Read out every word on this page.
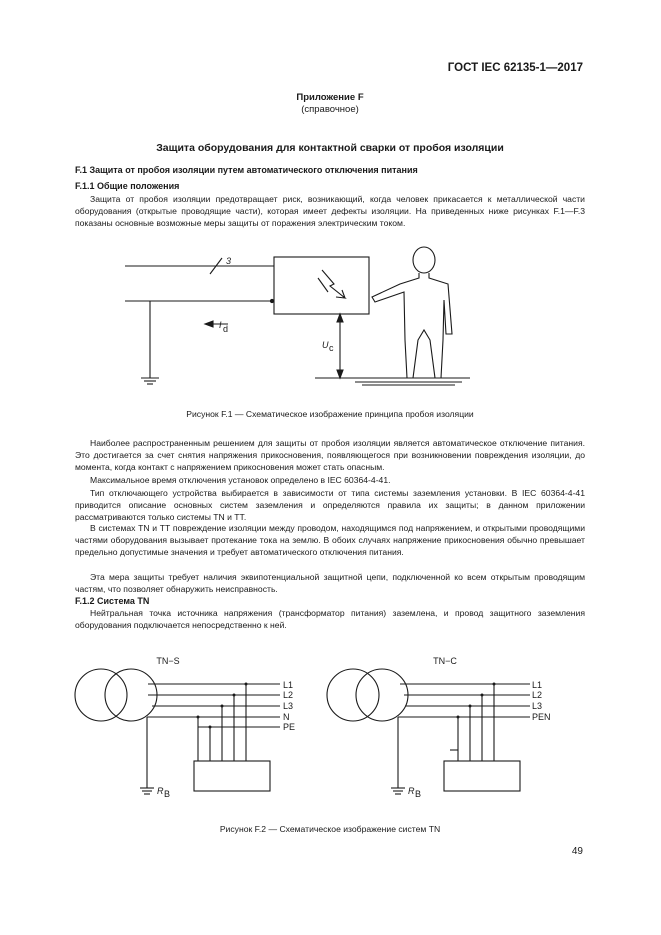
ГОСТ IEC 62135-1—2017
Приложение F
(справочное)
Защита оборудования для контактной сварки от пробоя изоляции
F.1 Защита от пробоя изоляции путем автоматического отключения питания
F.1.1 Общие положения
Защита от пробоя изоляции предотвращает риск, возникающий, когда человек прикасается к металлической части оборудования (открытые проводящие части), которая имеет дефекты изоляции. На приведенных ниже рисунках F.1—F.3 показаны основные возможные меры защиты от поражения электрическим током.
3
I d
U c
Рисунок F.1 — Схематическое изображение принципа пробоя изоляции
Наиболее распространенным решением для защиты от пробоя изоляции является автоматическое отключение питания. Это достигается за счет снятия напряжения прикосновения, появляющегося при возникновении повреждения изоляции, до момента, когда контакт с напряжением прикосновения может стать опасным.
Максимальное время отключения установок определено в IEC 60364-4-41.
Тип отключающего устройства выбирается в зависимости от типа системы заземления установки. В IEC 60364-4-41 приводится описание основных систем заземления и определяются правила их защиты; в данном приложении рассматриваются только системы TN и TT.
В системах TN и TT повреждение изоляции между проводом, находящимся под напряжением, и открытыми проводящими частями оборудования вызывает протекание тока на землю. В обоих случаях напряжение прикосновения обычно превышает предельно допустимые значения и требует автоматического отключения питания.
Эта мера защиты требует наличия эквипотенциальной защитной цепи, подключенной ко всем открытым проводящим частям, что позволяет обнаружить неисправность.
F.1.2 Система TN
Нейтральная точка источника напряжения (трансформатор питания) заземлена, и провод защитного заземления оборудования подключается непосредственно к ней.
TN−S	TN−C
L1
L2
L3
N
PE
L1
L2
L3
PEN
R B	R B
Рисунок F.2 — Схематическое изображение систем TN
49
